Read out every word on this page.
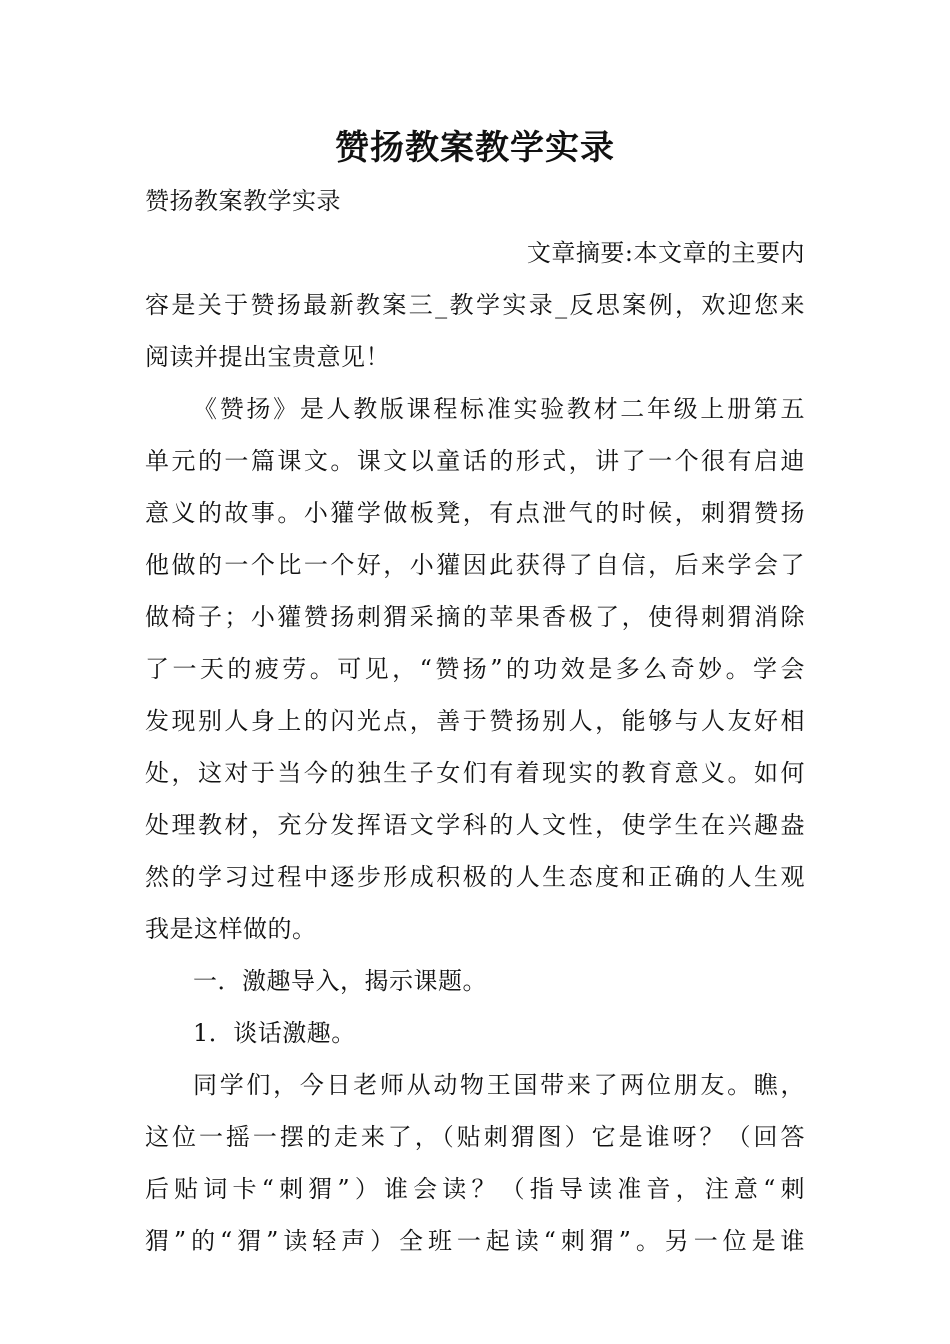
赞扬教案教学实录

赞扬教案教学实录

文章摘要:本文章的主要内

容是关于赞扬最新教案三_教学实录_反思案例，欢迎您来

阅读并提出宝贵意见！

《赞扬》是人教版课程标准实验教材二年级上册第五

单元的一篇课文。课文以童话的形式，讲了一个很有启迪

意义的故事。小獾学做板凳，有点泄气的时候，刺猬赞扬

他做的一个比一个好，小獾因此获得了自信，后来学会了

做椅子；小獾赞扬刺猬采摘的苹果香极了，使得刺猬消除

了一天的疲劳。可见，“赞扬”的功效是多么奇妙。学会

发现别人身上的闪光点，善于赞扬别人，能够与人友好相

处，这对于当今的独生子女们有着现实的教育意义。如何

处理教材，充分发挥语文学科的人文性，使学生在兴趣盎

然的学习过程中逐步形成积极的人生态度和正确的人生观

我是这样做的。

一．激趣导入，揭示课题。

1．谈话激趣。

同学们，今日老师从动物王国带来了两位朋友。瞧，

这位一摇一摆的走来了，（贴刺猬图）它是谁呀？（回答

后贴词卡“刺猬”）谁会读？（指导读准音，注意“刺

猬”的“猬”读轻声）全班一起读“刺猬”。另一位是谁
